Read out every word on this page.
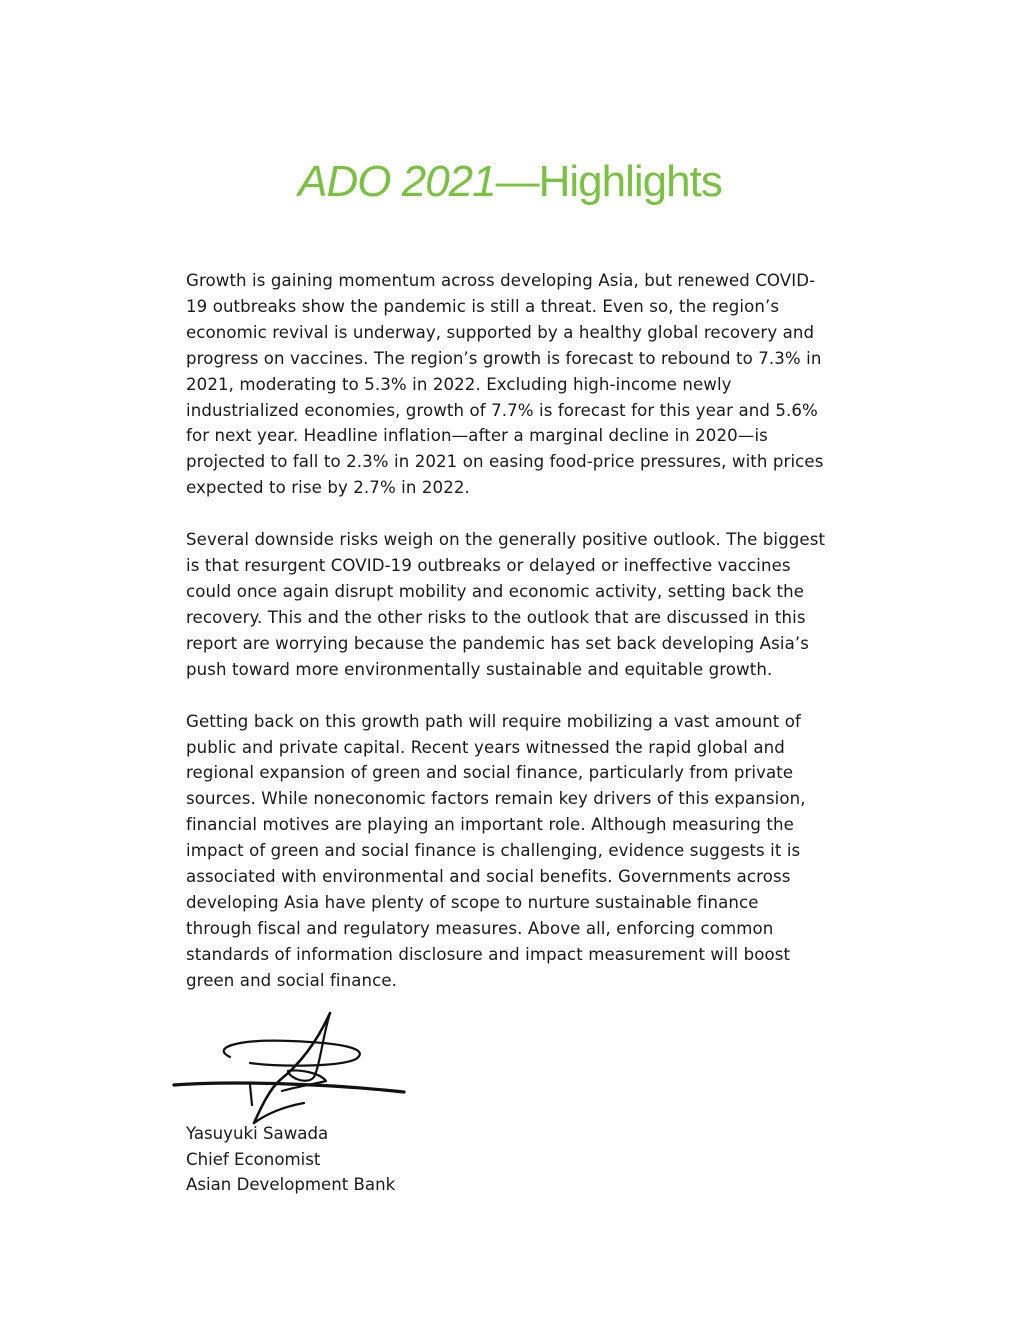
ADO 2021—Highlights

Growth is gaining momentum across developing Asia, but renewed COVID-19 outbreaks show the pandemic is still a threat. Even so, the region’s economic revival is underway, supported by a healthy global recovery and progress on vaccines. The region’s growth is forecast to rebound to 7.3% in 2021, moderating to 5.3% in 2022. Excluding high-income newly industrialized economies, growth of 7.7% is forecast for this year and 5.6% for next year. Headline inflation—after a marginal decline in 2020—is projected to fall to 2.3% in 2021 on easing food-price pressures, with prices expected to rise by 2.7% in 2022.

Several downside risks weigh on the generally positive outlook. The biggest is that resurgent COVID-19 outbreaks or delayed or ineffective vaccines could once again disrupt mobility and economic activity, setting back the recovery. This and the other risks to the outlook that are discussed in this report are worrying because the pandemic has set back developing Asia’s push toward more environmentally sustainable and equitable growth.

Getting back on this growth path will require mobilizing a vast amount of public and private capital. Recent years witnessed the rapid global and regional expansion of green and social finance, particularly from private sources. While noneconomic factors remain key drivers of this expansion, financial motives are playing an important role. Although measuring the impact of green and social finance is challenging, evidence suggests it is associated with environmental and social benefits. Governments across developing Asia have plenty of scope to nurture sustainable finance through fiscal and regulatory measures. Above all, enforcing common standards of information disclosure and impact measurement will boost green and social finance.

Yasuyuki Sawada
Chief Economist
Asian Development Bank
